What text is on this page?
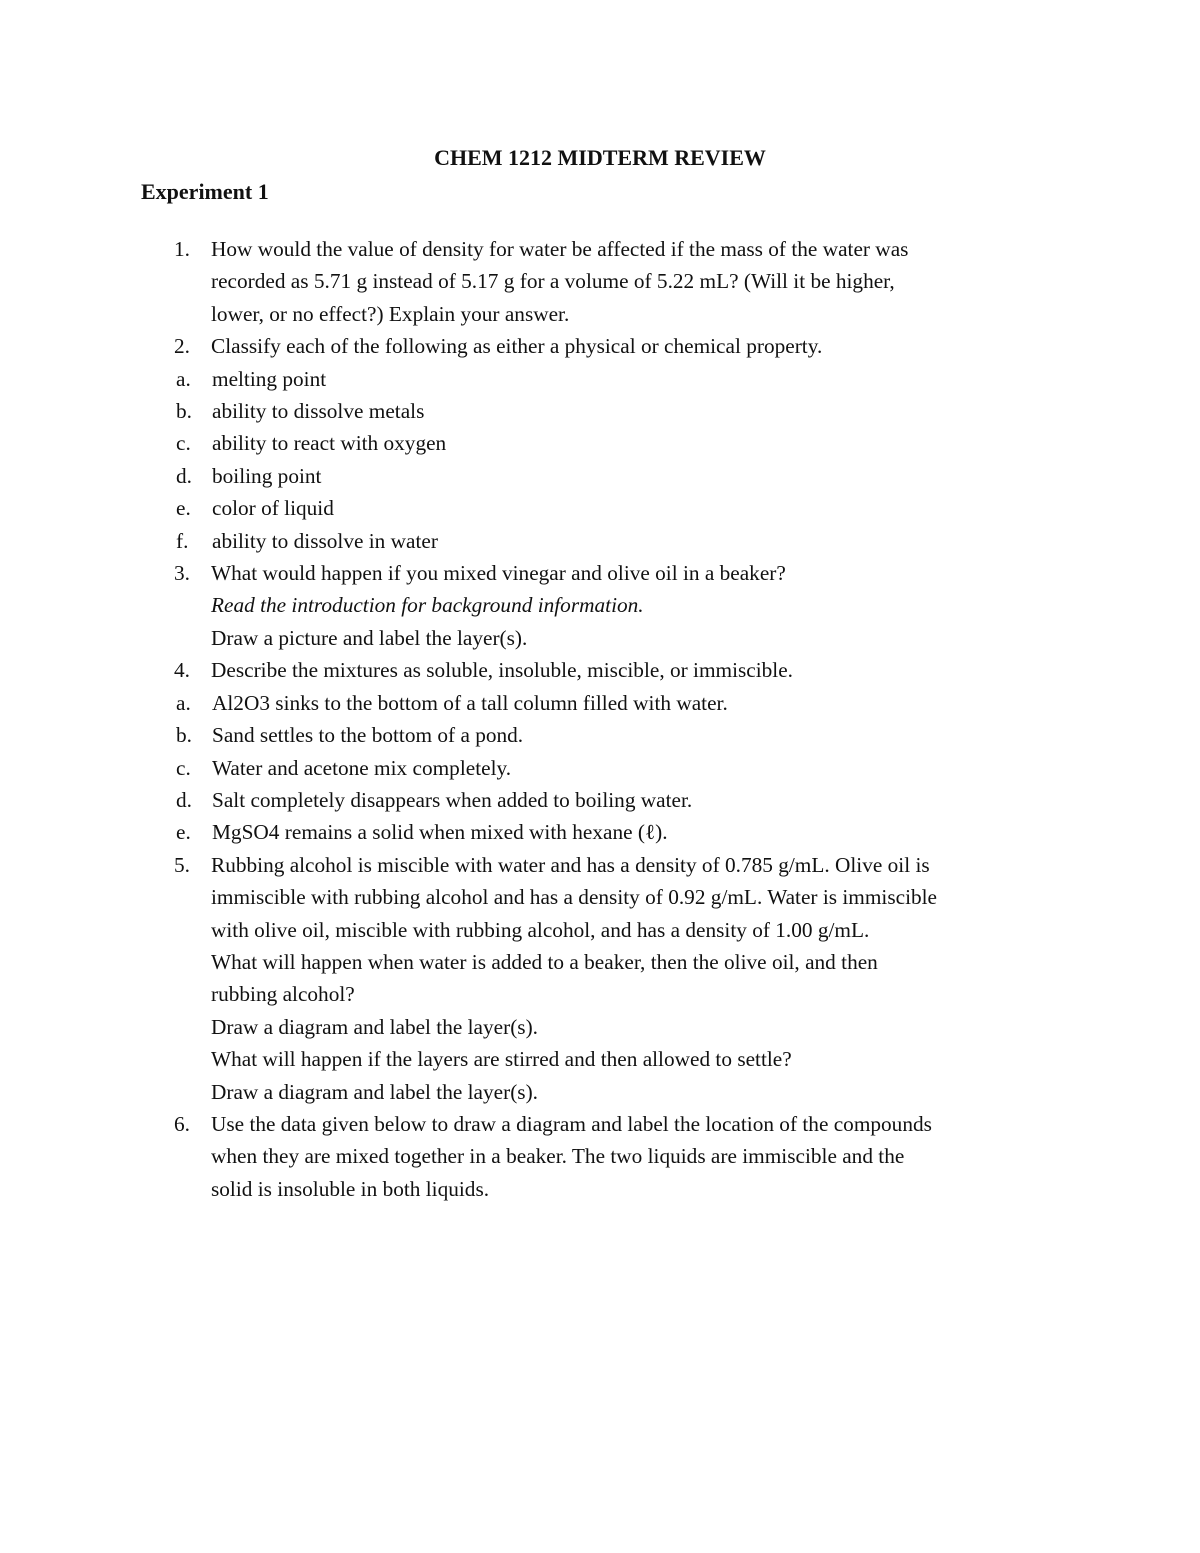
CHEM 1212 MIDTERM REVIEW
Experiment 1
1. How would the value of density for water be affected if the mass of the water was
recorded as 5.71 g instead of 5.17 g for a volume of 5.22 mL? (Will it be higher,
lower, or no effect?) Explain your answer.
2. Classify each of the following as either a physical or chemical property.
a. melting point
b. ability to dissolve metals
c. ability to react with oxygen
d. boiling point
e. color of liquid
f. ability to dissolve in water
3. What would happen if you mixed vinegar and olive oil in a beaker?
Read the introduction for background information.
Draw a picture and label the layer(s).
4. Describe the mixtures as soluble, insoluble, miscible, or immiscible.
a. Al2O3 sinks to the bottom of a tall column filled with water.
b. Sand settles to the bottom of a pond.
c. Water and acetone mix completely.
d. Salt completely disappears when added to boiling water.
e. MgSO4 remains a solid when mixed with hexane (ℓ).
5. Rubbing alcohol is miscible with water and has a density of 0.785 g/mL. Olive oil is
immiscible with rubbing alcohol and has a density of 0.92 g/mL. Water is immiscible
with olive oil, miscible with rubbing alcohol, and has a density of 1.00 g/mL.
What will happen when water is added to a beaker, then the olive oil, and then
rubbing alcohol?
Draw a diagram and label the layer(s).
What will happen if the layers are stirred and then allowed to settle?
Draw a diagram and label the layer(s).
6. Use the data given below to draw a diagram and label the location of the compounds
when they are mixed together in a beaker. The two liquids are immiscible and the
solid is insoluble in both liquids.
